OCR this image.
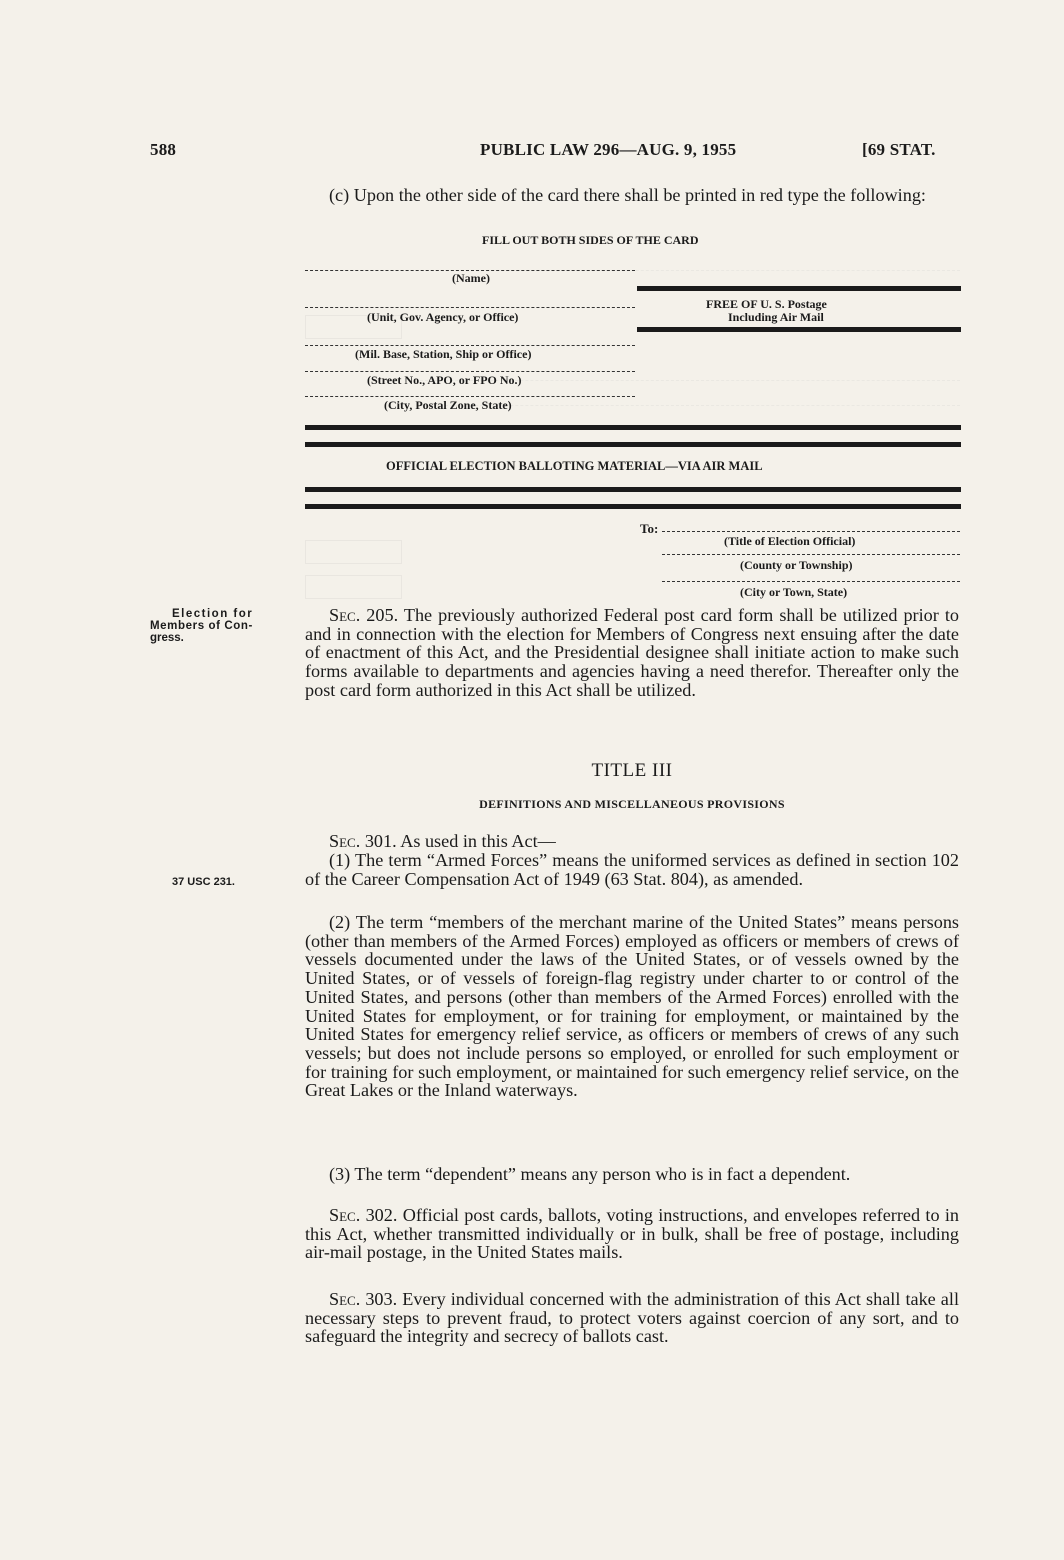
588	PUBLIC LAW 296—AUG. 9, 1955	[69 STAT.

(c) Upon the other side of the card there shall be printed in red type the following:

FILL OUT BOTH SIDES OF THE CARD
(Name)
FREE OF U. S. Postage
Including Air Mail
(Unit, Gov. Agency, or Office)
(Mil. Base, Station, Ship or Office)
(Street No., APO, or FPO No.)
(City, Postal Zone, State)
OFFICIAL ELECTION BALLOTING MATERIAL—VIA AIR MAIL
To:
(Title of Election Official)
(County or Township)
(City or Town, State)
Election for
Members of Con-
gress.
37 USC 231.

Sec. 205. The previously authorized Federal post card form shall be utilized prior to and in connection with the election for Members of Congress next ensuing after the date of enactment of this Act, and the Presidential designee shall initiate action to make such forms available to departments and agencies having a need therefor. Thereafter only the post card form authorized in this Act shall be utilized.

TITLE III
DEFINITIONS AND MISCELLANEOUS PROVISIONS

Sec. 301. As used in this Act—

(1) The term “Armed Forces” means the uniformed services as defined in section 102 of the Career Compensation Act of 1949 (63 Stat. 804), as amended.

(2) The term “members of the merchant marine of the United States” means persons (other than members of the Armed Forces) employed as officers or members of crews of vessels documented under the laws of the United States, or of vessels owned by the United States, or of vessels of foreign-flag registry under charter to or control of the United States, and persons (other than members of the Armed Forces) enrolled with the United States for employment, or for training for employment, or maintained by the United States for emergency relief service, as officers or members of crews of any such vessels; but does not include persons so employed, or enrolled for such employment or for training for such employment, or maintained for such emergency relief service, on the Great Lakes or the Inland waterways.

(3) The term “dependent” means any person who is in fact a dependent.

Sec. 302. Official post cards, ballots, voting instructions, and envelopes referred to in this Act, whether transmitted individually or in bulk, shall be free of postage, including air-mail postage, in the United States mails.

Sec. 303. Every individual concerned with the administration of this Act shall take all necessary steps to prevent fraud, to protect voters against coercion of any sort, and to safeguard the integrity and secrecy of ballots cast.
